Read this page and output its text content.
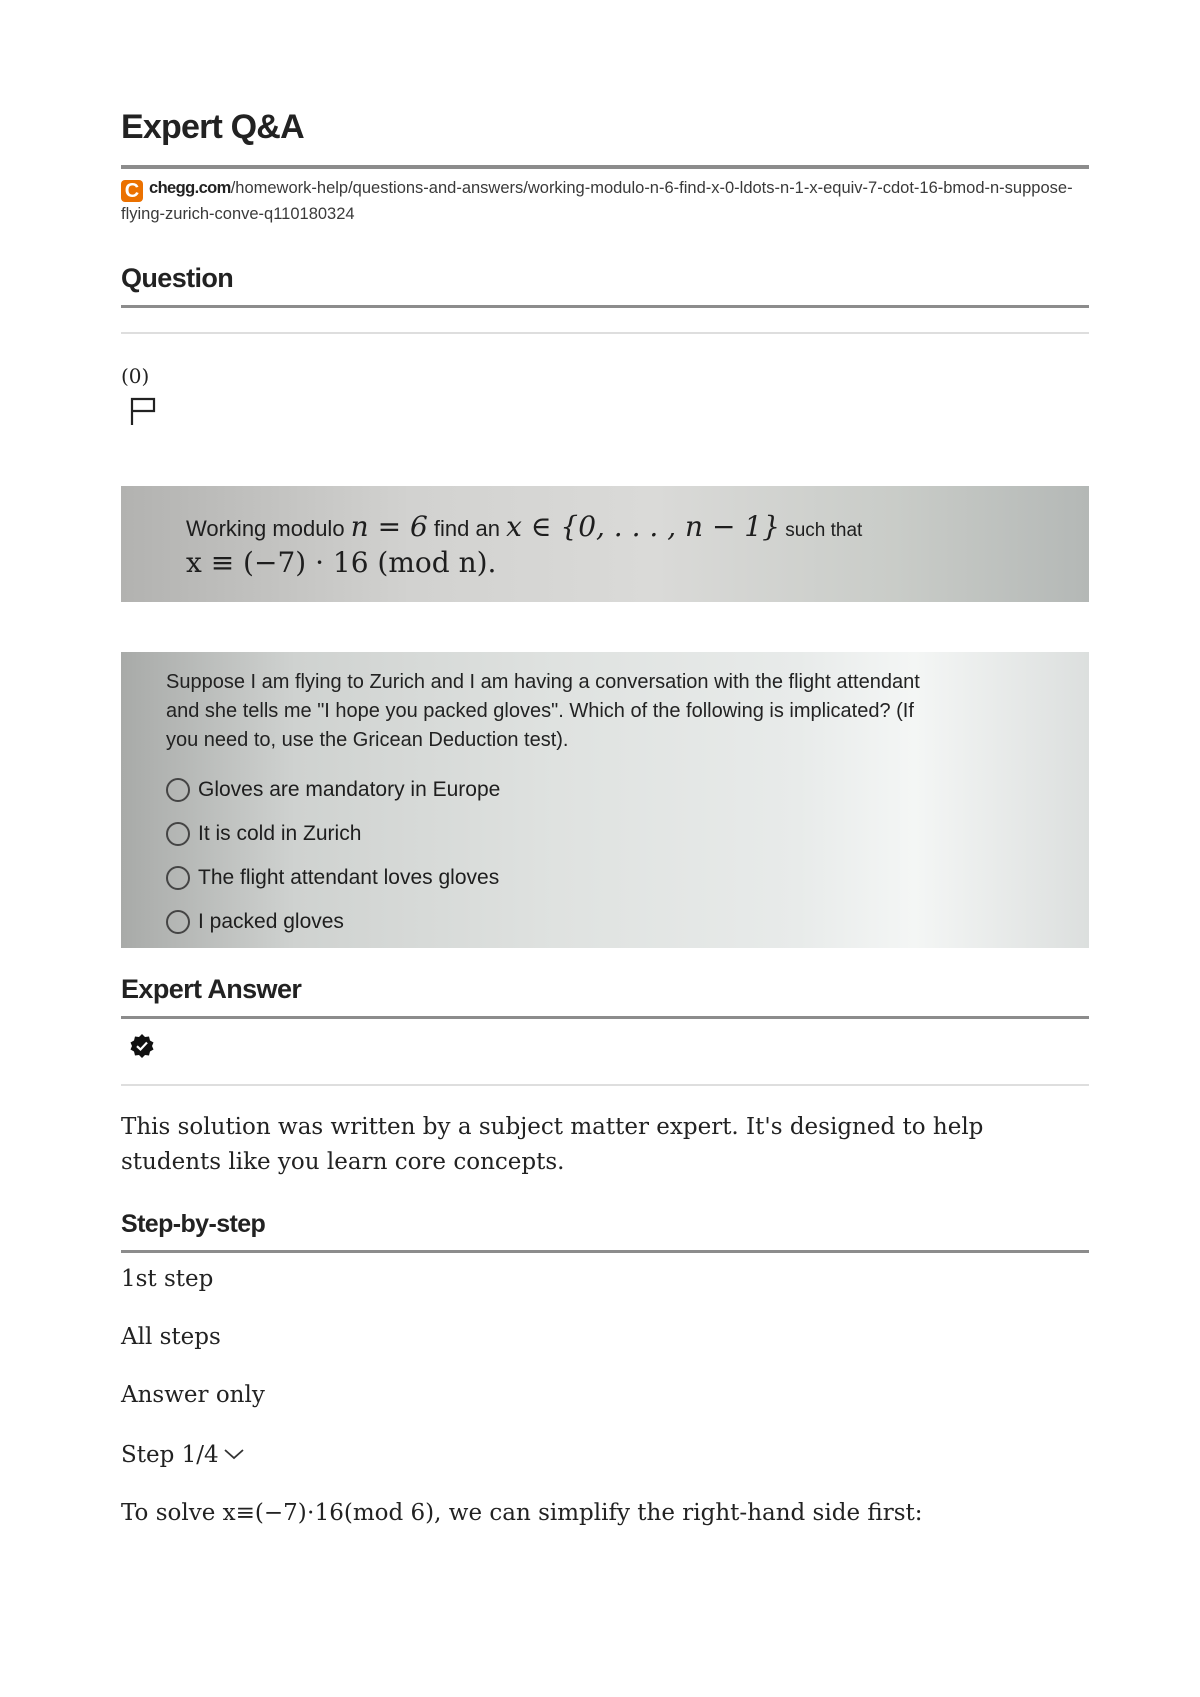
Expert Q&A
C chegg.com/homework-help/questions-and-answers/working-modulo-n-6-find-x-0-ldots-n-1-x-equiv-7-cdot-16-bmod-n-suppose-flying-zurich-conve-q110180324
Question
(0)
Working modulo n = 6 find an x ∈ {0, . . . , n − 1} such that
x ≡ (−7) · 16 (mod n).
Suppose I am flying to Zurich and I am having a conversation with the flight attendant and she tells me "I hope you packed gloves". Which of the following is implicated? (If you need to, use the Gricean Deduction test).
Gloves are mandatory in Europe
It is cold in Zurich
The flight attendant loves gloves
I packed gloves
Expert Answer
This solution was written by a subject matter expert. It's designed to help students like you learn core concepts.
Step-by-step
1st step
All steps
Answer only
Step 1/4
To solve x≡(−7)⋅16(mod 6), we can simplify the right-hand side first:
